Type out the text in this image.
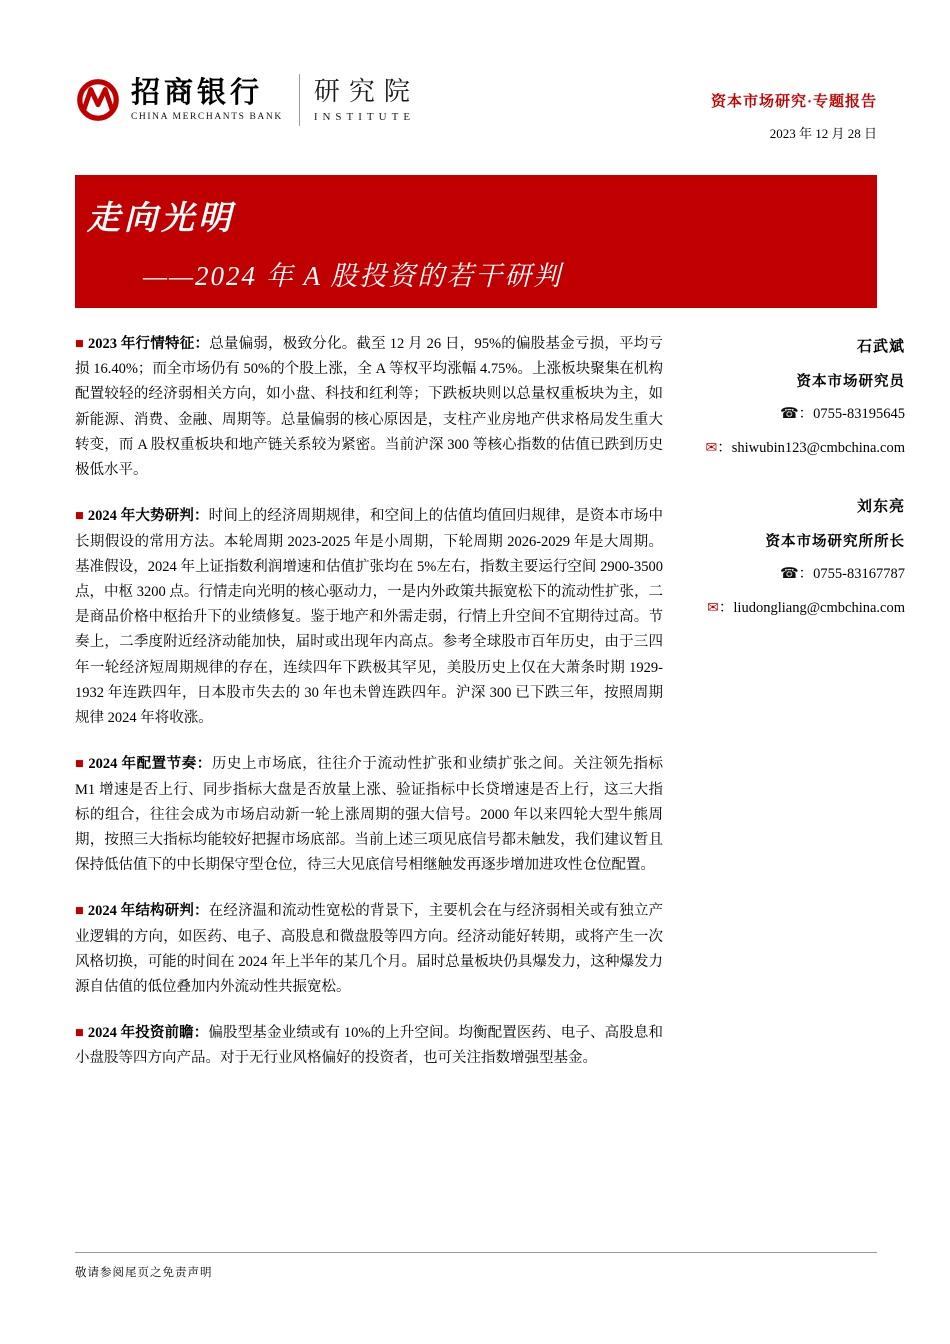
招商银行
CHINA MERCHANTS BANK
研究院
INSTITUTE
资本市场研究·专题报告
2023 年 12 月 28 日
走向光明
——2024 年 A 股投资的若干研判

■ 2023 年行情特征：总量偏弱，极致分化。截至 12 月 26 日，95%的偏股基金亏损，平均亏损 16.40%；而全市场仍有 50%的个股上涨，全 A 等权平均涨幅 4.75%。上涨板块聚集在机构配置较轻的经济弱相关方向，如小盘、科技和红利等；下跌板块则以总量权重板块为主，如新能源、消费、金融、周期等。总量偏弱的核心原因是，支柱产业房地产供求格局发生重大转变，而 A 股权重板块和地产链关系较为紧密。当前沪深 300 等核心指数的估值已跌到历史极低水平。

■ 2024 年大势研判：时间上的经济周期规律，和空间上的估值均值回归规律，是资本市场中长期假设的常用方法。本轮周期 2023-2025 年是小周期，下轮周期 2026-2029 年是大周期。基准假设，2024 年上证指数利润增速和估值扩张均在 5%左右，指数主要运行空间 2900-3500 点，中枢 3200 点。行情走向光明的核心驱动力，一是内外政策共振宽松下的流动性扩张，二是商品价格中枢抬升下的业绩修复。鉴于地产和外需走弱，行情上升空间不宜期待过高。节奏上，二季度附近经济动能加快，届时或出现年内高点。参考全球股市百年历史，由于三四年一轮经济短周期规律的存在，连续四年下跌极其罕见，美股历史上仅在大萧条时期 1929-1932 年连跌四年，日本股市失去的 30 年也未曾连跌四年。沪深 300 已下跌三年，按照周期规律 2024 年将收涨。

■ 2024 年配置节奏：历史上市场底，往往介于流动性扩张和业绩扩张之间。关注领先指标 M1 增速是否上行、同步指标大盘是否放量上涨、验证指标中长贷增速是否上行，这三大指标的组合，往往会成为市场启动新一轮上涨周期的强大信号。2000 年以来四轮大型牛熊周期，按照三大指标均能较好把握市场底部。当前上述三项见底信号都未触发，我们建议暂且保持低估值下的中长期保守型仓位，待三大见底信号相继触发再逐步增加进攻性仓位配置。

■ 2024 年结构研判：在经济温和流动性宽松的背景下，主要机会在与经济弱相关或有独立产业逻辑的方向，如医药、电子、高股息和微盘股等四方向。经济动能好转期，或将产生一次风格切换，可能的时间在 2024 年上半年的某几个月。届时总量板块仍具爆发力，这种爆发力源自估值的低位叠加内外流动性共振宽松。

■ 2024 年投资前瞻：偏股型基金业绩或有 10%的上升空间。均衡配置医药、电子、高股息和小盘股等四方向产品。对于无行业风格偏好的投资者，也可关注指数增强型基金。

石武斌
资本市场研究员
☎：0755-83195645
✉：shiwubin123@cmbchina.com
刘东亮
资本市场研究所所长
☎：0755-83167787
✉：liudongliang@cmbchina.com
敬请参阅尾页之免责声明
